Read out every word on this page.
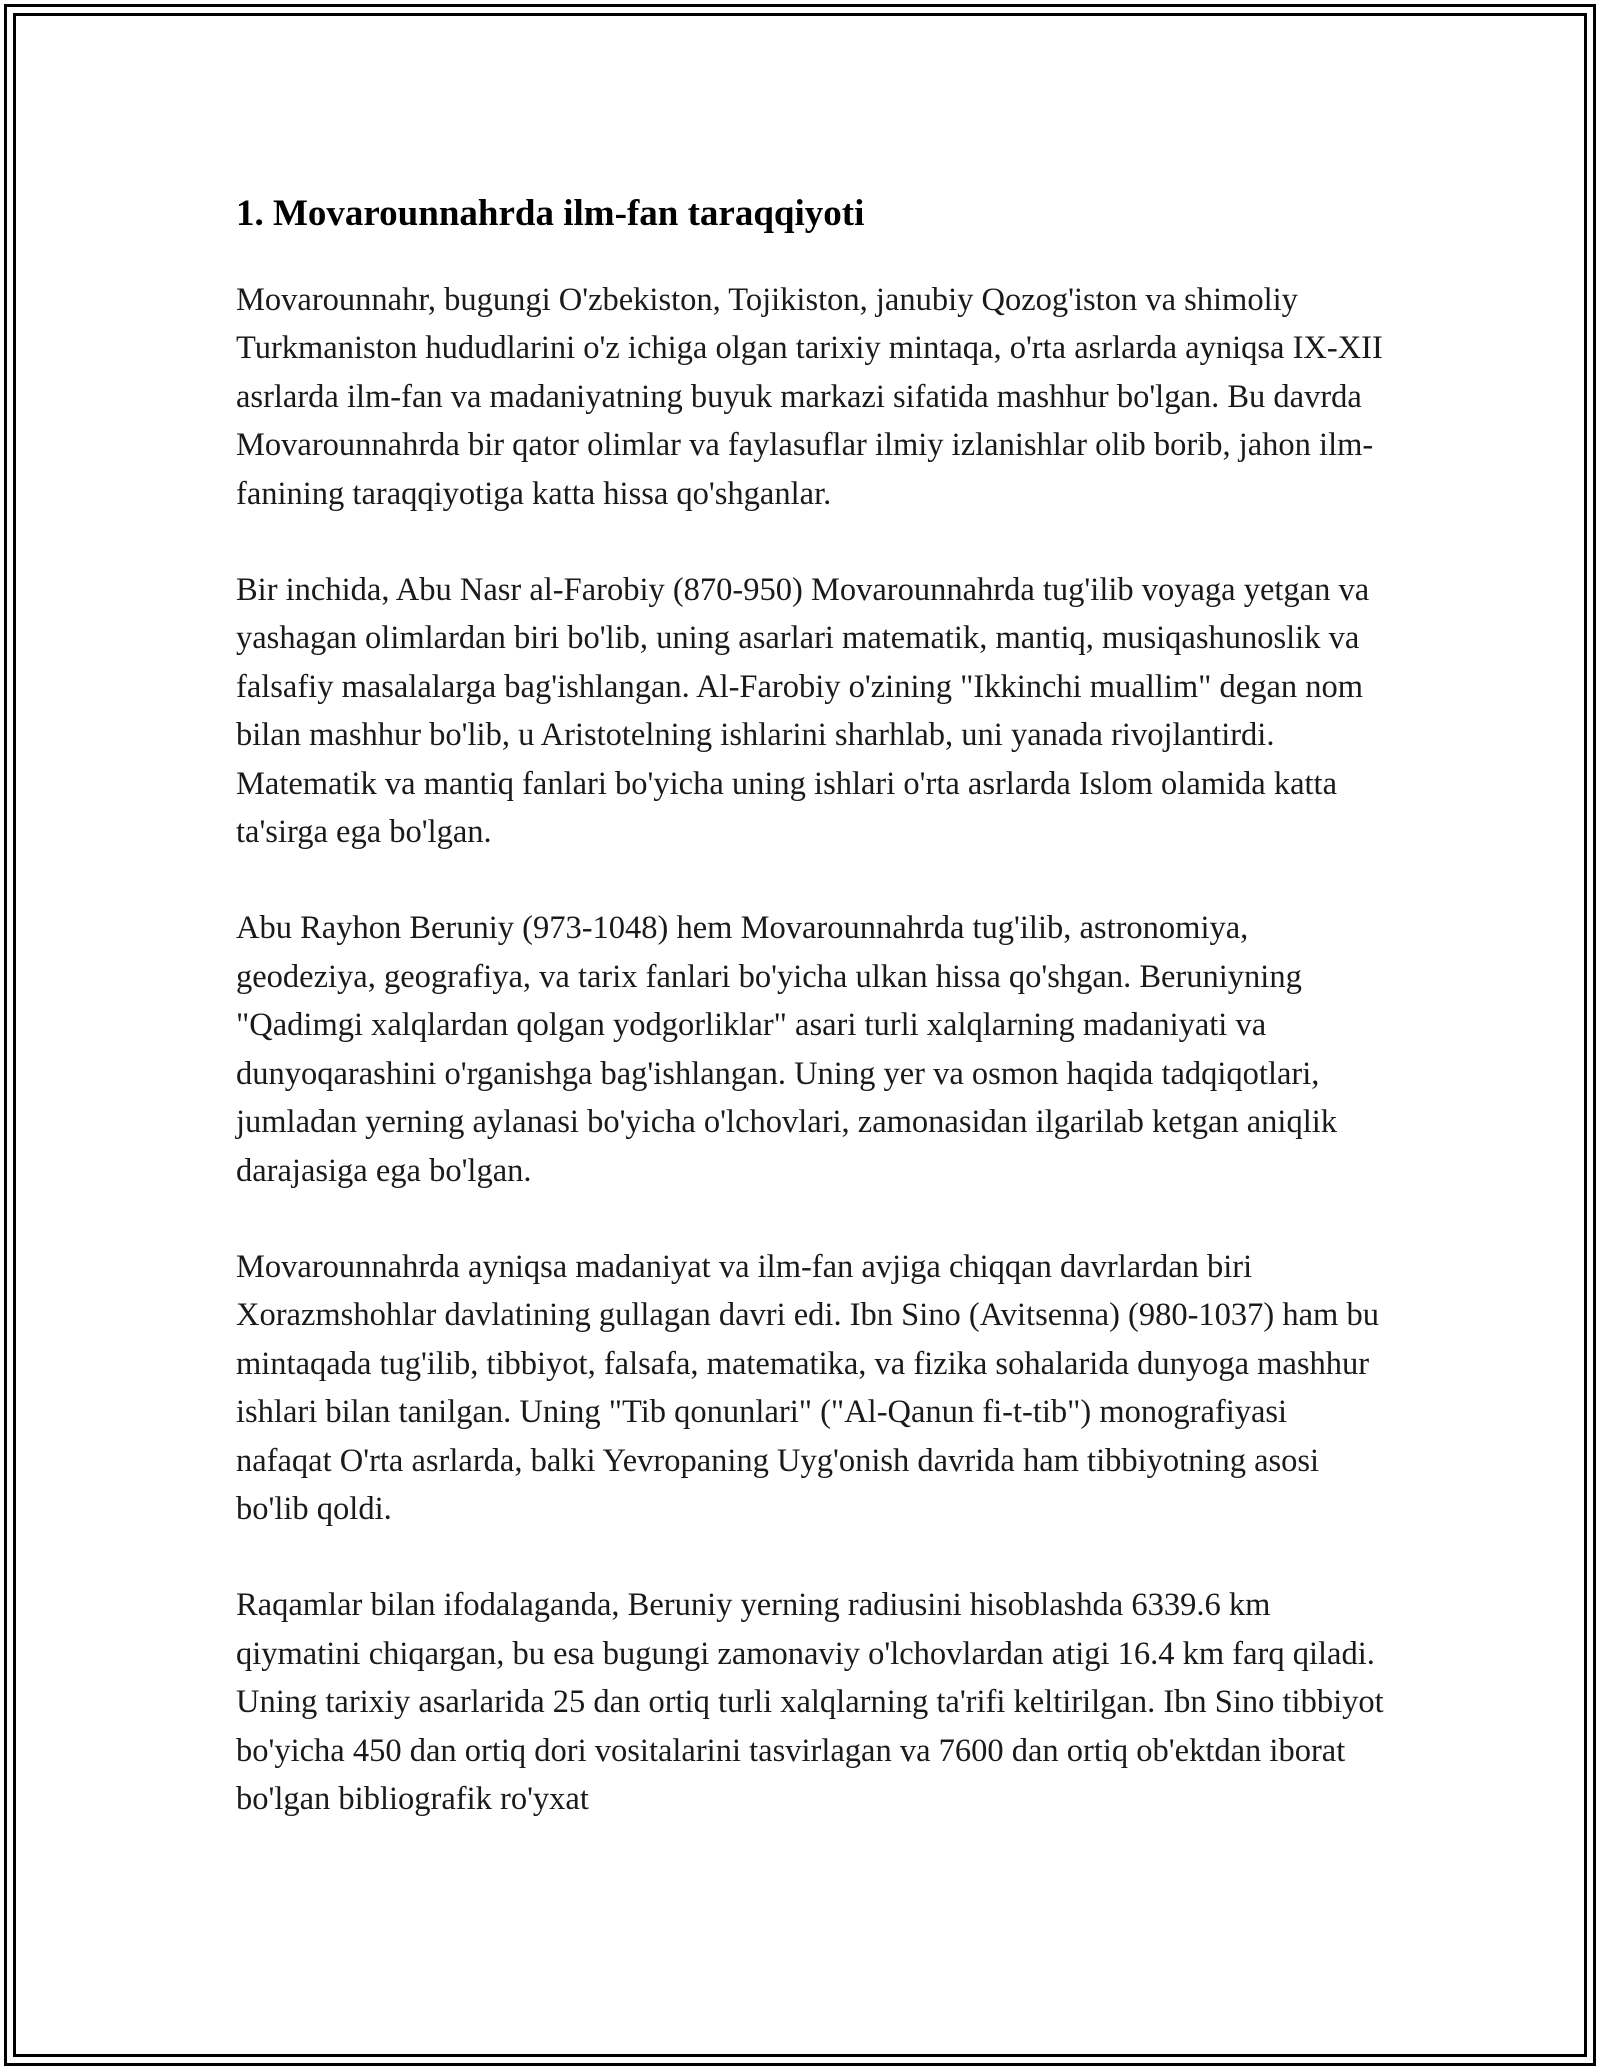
1. Movarounnahrda ilm-fan taraqqiyoti

Movarounnahr, bugungi O'zbekiston, Tojikiston, janubiy Qozog'iston va shimoliy Turkmaniston hududlarini o'z ichiga olgan tarixiy mintaqa, o'rta asrlarda ayniqsa IX-XII asrlarda ilm-fan va madaniyatning buyuk markazi sifatida mashhur bo'lgan. Bu davrda Movarounnahrda bir qator olimlar va faylasuflar ilmiy izlanishlar olib borib, jahon ilm-fanining taraqqiyotiga katta hissa qo'shganlar.

Bir inchida, Abu Nasr al-Farobiy (870-950) Movarounnahrda tug'ilib voyaga yetgan va yashagan olimlardan biri bo'lib, uning asarlari matematik, mantiq, musiqashunoslik va falsafiy masalalarga bag'ishlangan. Al-Farobiy o'zining "Ikkinchi muallim" degan nom bilan mashhur bo'lib, u Aristotelning ishlarini sharhlab, uni yanada rivojlantirdi. Matematik va mantiq fanlari bo'yicha uning ishlari o'rta asrlarda Islom olamida katta ta'sirga ega bo'lgan.

Abu Rayhon Beruniy (973-1048) hem Movarounnahrda tug'ilib, astronomiya, geodeziya, geografiya, va tarix fanlari bo'yicha ulkan hissa qo'shgan. Beruniyning "Qadimgi xalqlardan qolgan yodgorliklar" asari turli xalqlarning madaniyati va dunyoqarashini o'rganishga bag'ishlangan. Uning yer va osmon haqida tadqiqotlari, jumladan yerning aylanasi bo'yicha o'lchovlari, zamonasidan ilgarilab ketgan aniqlik darajasiga ega bo'lgan.

Movarounnahrda ayniqsa madaniyat va ilm-fan avjiga chiqqan davrlardan biri Xorazmshohlar davlatining gullagan davri edi. Ibn Sino (Avitsenna) (980-1037) ham bu mintaqada tug'ilib, tibbiyot, falsafa, matematika, va fizika sohalarida dunyoga mashhur ishlari bilan tanilgan. Uning "Tib qonunlari" ("Al-Qanun fi-t-tib") monografiyasi nafaqat O'rta asrlarda, balki Yevropaning Uyg'onish davrida ham tibbiyotning asosi bo'lib qoldi.

Raqamlar bilan ifodalaganda, Beruniy yerning radiusini hisoblashda 6339.6 km qiymatini chiqargan, bu esa bugungi zamonaviy o'lchovlardan atigi 16.4 km farq qiladi. Uning tarixiy asarlarida 25 dan ortiq turli xalqlarning ta'rifi keltirilgan. Ibn Sino tibbiyot bo'yicha 450 dan ortiq dori vositalarini tasvirlagan va 7600 dan ortiq ob'ektdan iborat bo'lgan bibliografik ro'yxat
